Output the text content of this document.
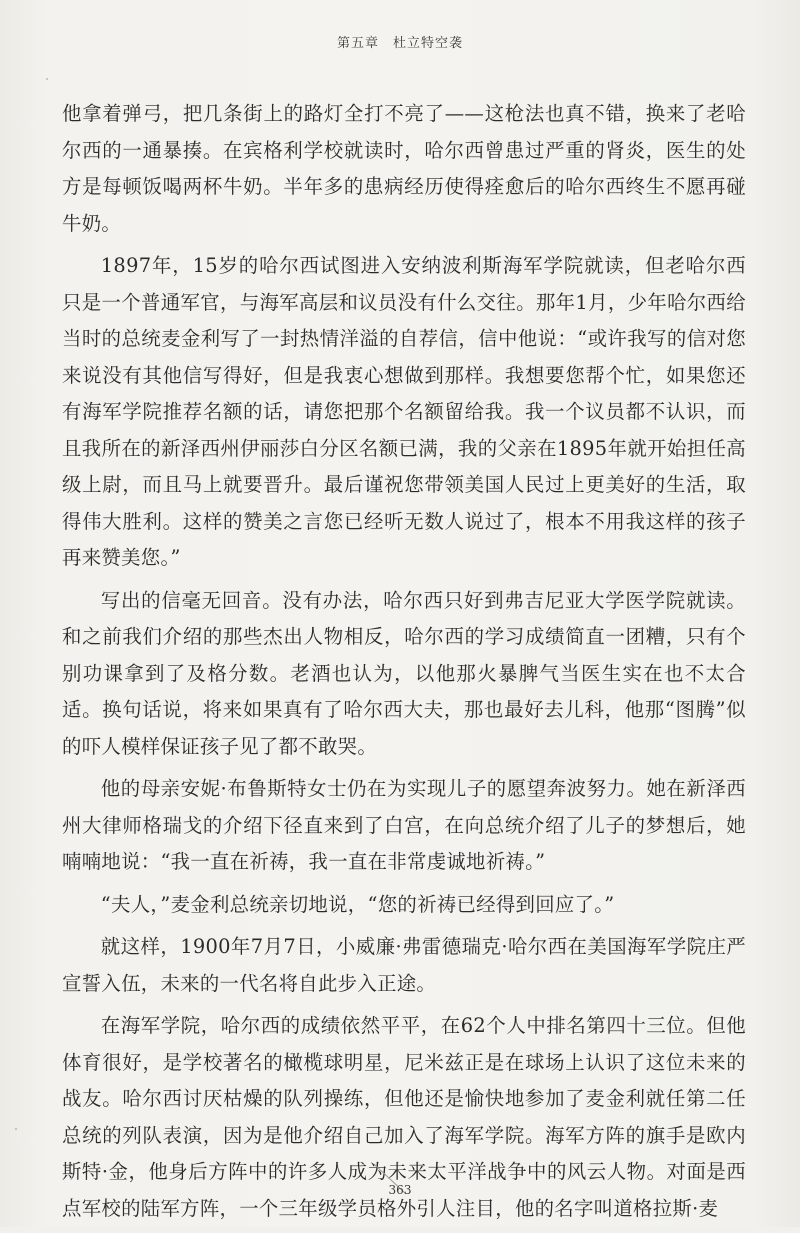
第五章　杜立特空袭

他拿着弹弓，把几条街上的路灯全打不亮了——这枪法也真不错，换来了老哈尔西的一通暴揍。在宾格利学校就读时，哈尔西曾患过严重的肾炎，医生的处方是每顿饭喝两杯牛奶。半年多的患病经历使得痊愈后的哈尔西终生不愿再碰牛奶。

1897年，15岁的哈尔西试图进入安纳波利斯海军学院就读，但老哈尔西只是一个普通军官，与海军高层和议员没有什么交往。那年1月，少年哈尔西给当时的总统麦金利写了一封热情洋溢的自荐信，信中他说：“或许我写的信对您来说没有其他信写得好，但是我衷心想做到那样。我想要您帮个忙，如果您还有海军学院推荐名额的话，请您把那个名额留给我。我一个议员都不认识，而且我所在的新泽西州伊丽莎白分区名额已满，我的父亲在1895年就开始担任高级上尉，而且马上就要晋升。最后谨祝您带领美国人民过上更美好的生活，取得伟大胜利。这样的赞美之言您已经听无数人说过了，根本不用我这样的孩子再来赞美您。”

写出的信毫无回音。没有办法，哈尔西只好到弗吉尼亚大学医学院就读。和之前我们介绍的那些杰出人物相反，哈尔西的学习成绩简直一团糟，只有个别功课拿到了及格分数。老酒也认为，以他那火暴脾气当医生实在也不太合适。换句话说，将来如果真有了哈尔西大夫，那也最好去儿科，他那“图腾”似的吓人模样保证孩子见了都不敢哭。

他的母亲安妮·布鲁斯特女士仍在为实现儿子的愿望奔波努力。她在新泽西州大律师格瑞戈的介绍下径直来到了白宫，在向总统介绍了儿子的梦想后，她喃喃地说：“我一直在祈祷，我一直在非常虔诚地祈祷。”

“夫人，”麦金利总统亲切地说，“您的祈祷已经得到回应了。”

就这样，1900年7月7日，小威廉·弗雷德瑞克·哈尔西在美国海军学院庄严宣誓入伍，未来的一代名将自此步入正途。

在海军学院，哈尔西的成绩依然平平，在62个人中排名第四十三位。但他体育很好，是学校著名的橄榄球明星，尼米兹正是在球场上认识了这位未来的战友。哈尔西讨厌枯燥的队列操练，但他还是愉快地参加了麦金利就任第二任总统的列队表演，因为是他介绍自己加入了海军学院。海军方阵的旗手是欧内斯特·金，他身后方阵中的许多人成为未来太平洋战争中的风云人物。对面是西点军校的陆军方阵，一个三年级学员格外引人注目，他的名字叫道格拉斯·麦

363
